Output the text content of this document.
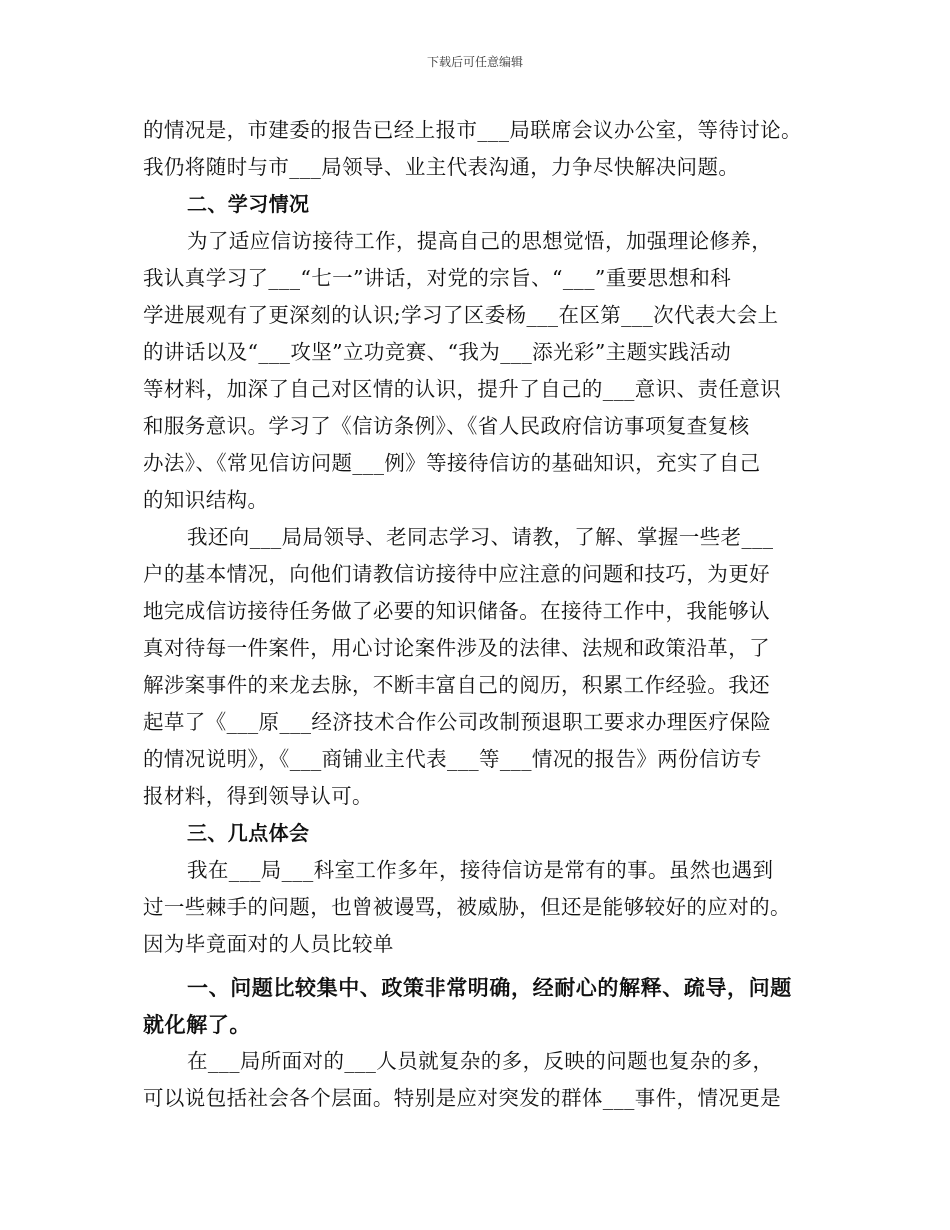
下载后可任意编辑
的情况是，市建委的报告已经上报市___局联席会议办公室，等待讨论。
我仍将随时与市___局领导、业主代表沟通，力争尽快解决问题。
二、学习情况
为了适应信访接待工作，提高自己的思想觉悟，加强理论修养，
我认真学习了___“七一”讲话，对党的宗旨、“___”重要思想和科
学进展观有了更深刻的认识;学习了区委杨___在区第___次代表大会上
的讲话以及“___攻坚”立功竞赛、“我为___添光彩”主题实践活动
等材料，加深了自己对区情的认识，提升了自己的___意识、责任意识
和服务意识。学习了《信访条例》、《省人民政府信访事项复查复核
办法》、《常见信访问题___例》等接待信访的基础知识，充实了自己
的知识结构。
我还向___局局领导、老同志学习、请教，了解、掌握一些老___
户的基本情况，向他们请教信访接待中应注意的问题和技巧，为更好
地完成信访接待任务做了必要的知识储备。在接待工作中，我能够认
真对待每一件案件，用心讨论案件涉及的法律、法规和政策沿革，了
解涉案事件的来龙去脉，不断丰富自己的阅历，积累工作经验。我还
起草了《___原___经济技术合作公司改制预退职工要求办理医疗保险
的情况说明》，《___商铺业主代表___等___情况的报告》两份信访专
报材料，得到领导认可。
三、几点体会
我在___局___科室工作多年，接待信访是常有的事。虽然也遇到
过一些棘手的问题，也曾被谩骂，被威胁，但还是能够较好的应对的。
因为毕竟面对的人员比较单
一、问题比较集中、政策非常明确，经耐心的解释、疏导，问题
就化解了。
在___局所面对的___人员就复杂的多，反映的问题也复杂的多，
可以说包括社会各个层面。特别是应对突发的群体___事件，情况更是
